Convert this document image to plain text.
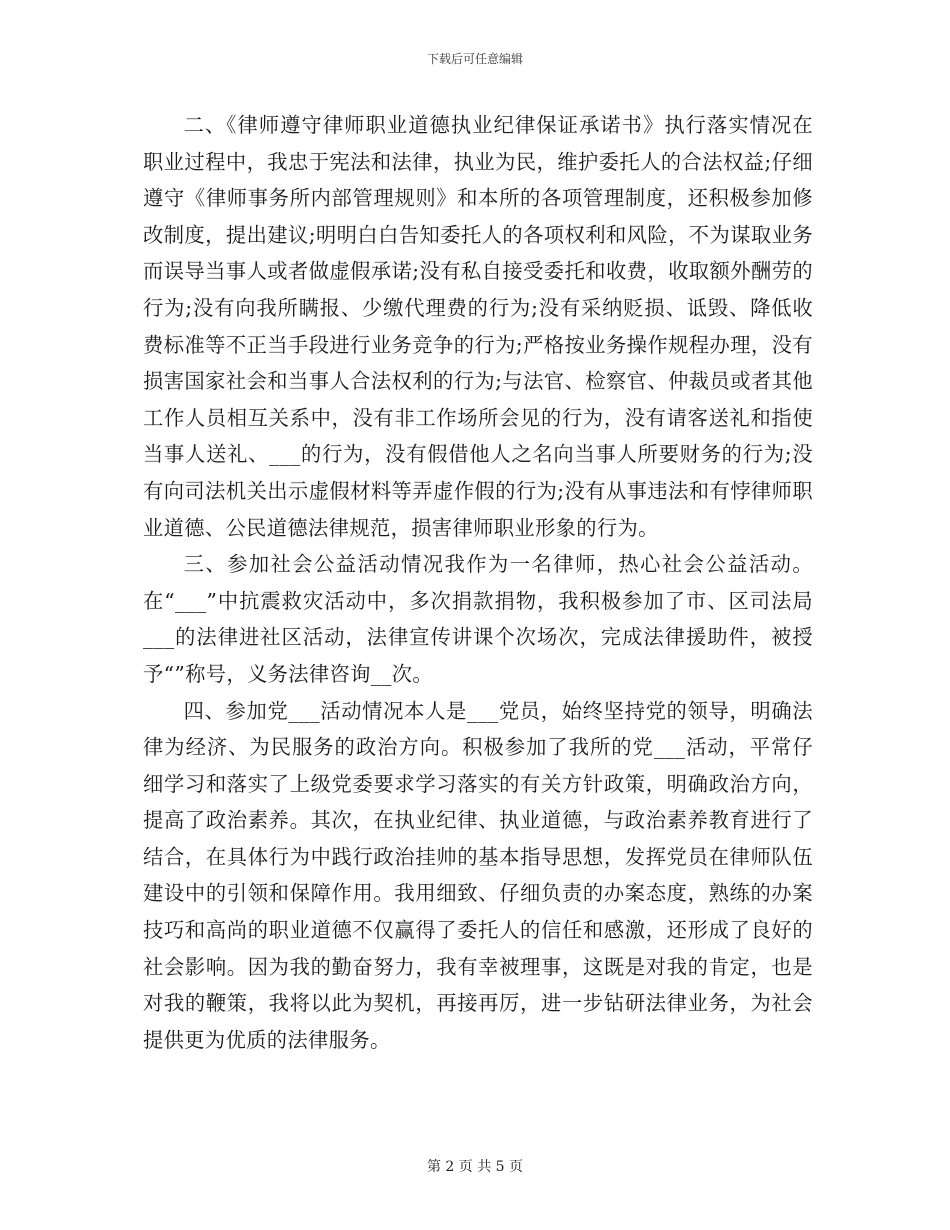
下载后可任意编辑

二、《律师遵守律师职业道德执业纪律保证承诺书》执行落实情况在职业过程中，我忠于宪法和法律，执业为民，维护委托人的合法权益;仔细遵守《律师事务所内部管理规则》和本所的各项管理制度，还积极参加修改制度，提出建议;明明白白告知委托人的各项权利和风险，不为谋取业务而误导当事人或者做虚假承诺;没有私自接受委托和收费，收取额外酬劳的行为;没有向我所瞒报、少缴代理费的行为;没有采纳贬损、诋毁、降低收费标准等不正当手段进行业务竞争的行为;严格按业务操作规程办理，没有损害国家社会和当事人合法权利的行为;与法官、检察官、仲裁员或者其他工作人员相互关系中，没有非工作场所会见的行为，没有请客送礼和指使当事人送礼、___的行为，没有假借他人之名向当事人所要财务的行为;没有向司法机关出示虚假材料等弄虚作假的行为;没有从事违法和有悖律师职业道德、公民道德法律规范，损害律师职业形象的行为。

三、参加社会公益活动情况我作为一名律师，热心社会公益活动。在“___”中抗震救灾活动中，多次捐款捐物，我积极参加了市、区司法局___的法律进社区活动，法律宣传讲课个次场次，完成法律援助件，被授予“”称号，义务法律咨询__次。

四、参加党___活动情况本人是___党员，始终坚持党的领导，明确法律为经济、为民服务的政治方向。积极参加了我所的党___活动，平常仔细学习和落实了上级党委要求学习落实的有关方针政策，明确政治方向，提高了政治素养。其次，在执业纪律、执业道德，与政治素养教育进行了结合，在具体行为中践行政治挂帅的基本指导思想，发挥党员在律师队伍建设中的引领和保障作用。我用细致、仔细负责的办案态度，熟练的办案技巧和高尚的职业道德不仅赢得了委托人的信任和感激，还形成了良好的社会影响。因为我的勤奋努力，我有幸被理事，这既是对我的肯定，也是对我的鞭策，我将以此为契机，再接再厉，进一步钻研法律业务，为社会提供更为优质的法律服务。

第 2 页 共 5 页
